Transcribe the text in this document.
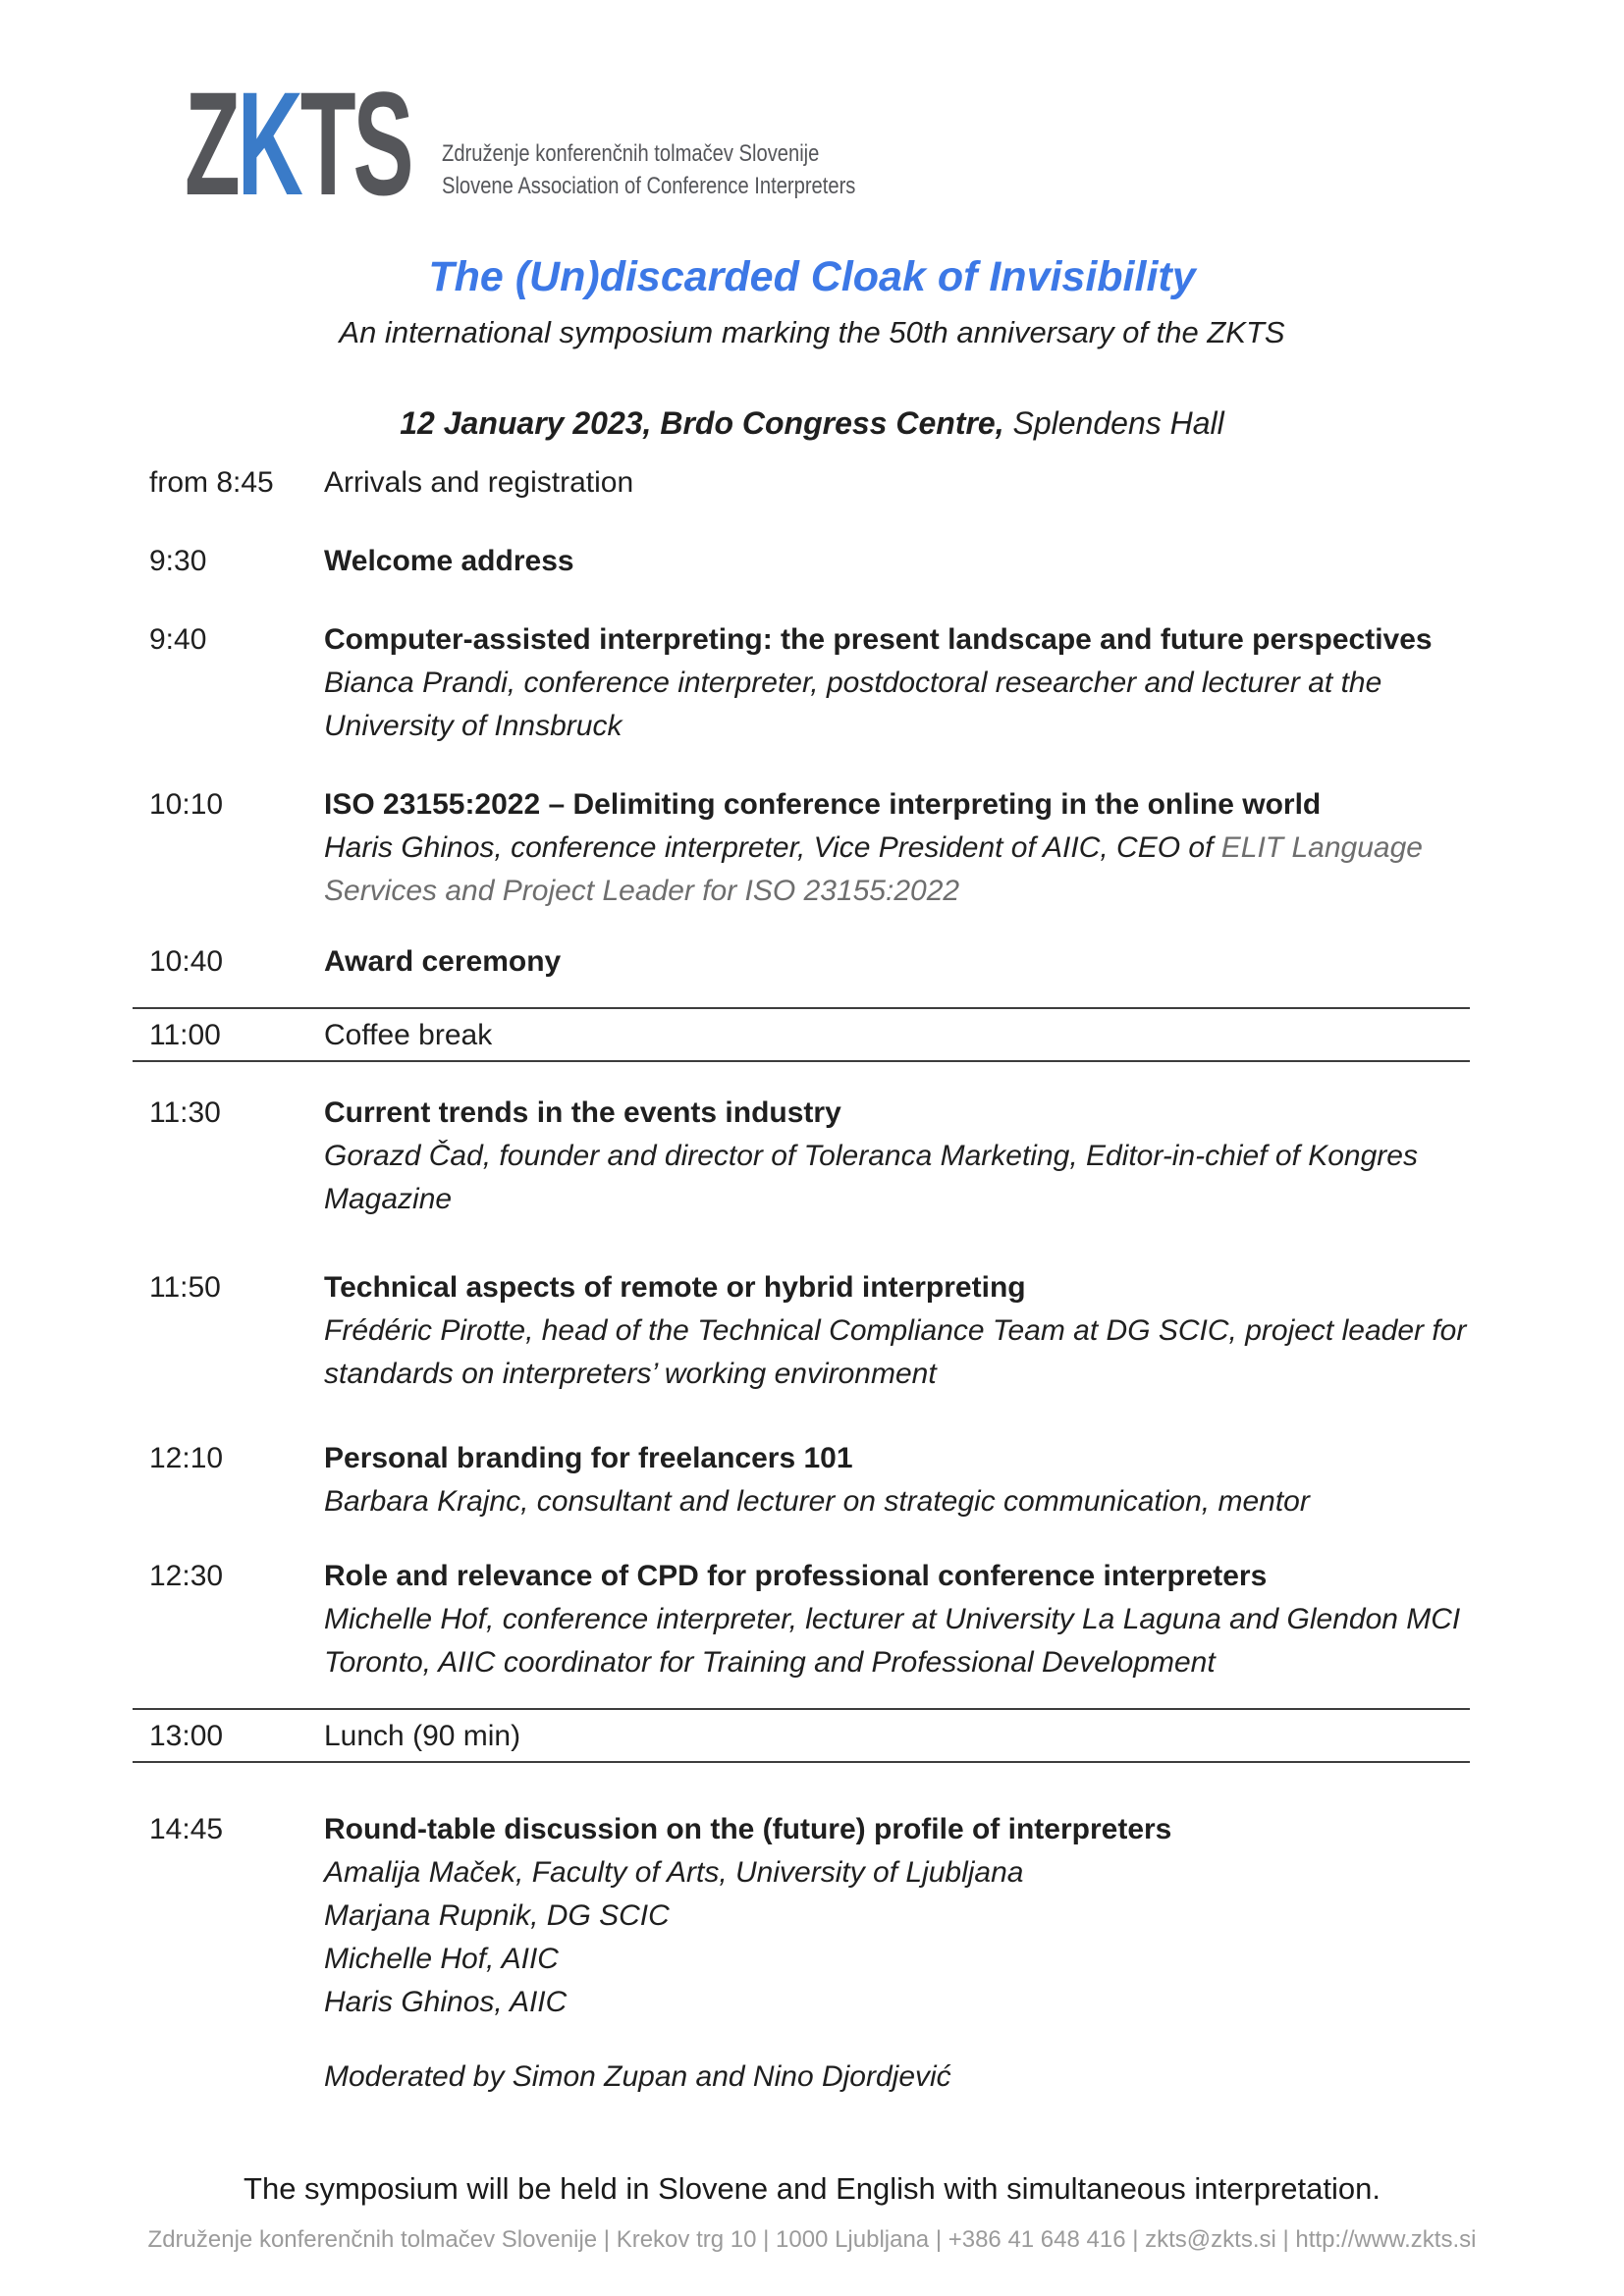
ZKTS Združenje konferenčnih tolmačev Slovenije
Slovene Association of Conference Interpreters
The (Un)discarded Cloak of Invisibility
An international symposium marking the 50th anniversary of the ZKTS
12 January 2023, Brdo Congress Centre, Splendens Hall
from 8:45	Arrivals and registration
9:30	Welcome address
9:40	Computer-assisted interpreting: the present landscape and future perspectives
Bianca Prandi, conference interpreter, postdoctoral researcher and lecturer at the University of Innsbruck
10:10	ISO 23155:2022 – Delimiting conference interpreting in the online world
Haris Ghinos, conference interpreter, Vice President of AIIC, CEO of ELIT Language Services and Project Leader for ISO 23155:2022
10:40	Award ceremony
11:00	Coffee break
11:30	Current trends in the events industry
Gorazd Čad, founder and director of Toleranca Marketing, Editor-in-chief of Kongres Magazine
11:50	Technical aspects of remote or hybrid interpreting
Frédéric Pirotte, head of the Technical Compliance Team at DG SCIC, project leader for standards on interpreters’ working environment
12:10	Personal branding for freelancers 101
Barbara Krajnc, consultant and lecturer on strategic communication, mentor
12:30	Role and relevance of CPD for professional conference interpreters
Michelle Hof, conference interpreter, lecturer at University La Laguna and Glendon MCI Toronto, AIIC coordinator for Training and Professional Development
13:00	Lunch (90 min)
14:45	Round-table discussion on the (future) profile of interpreters
Amalija Maček, Faculty of Arts, University of Ljubljana
Marjana Rupnik, DG SCIC
Michelle Hof, AIIC
Haris Ghinos, AIIC
Moderated by Simon Zupan and Nino Djordjević
The symposium will be held in Slovene and English with simultaneous interpretation.
Združenje konferenčnih tolmačev Slovenije | Krekov trg 10 | 1000 Ljubljana | +386 41 648 416 | zkts@zkts.si | http://www.zkts.si
